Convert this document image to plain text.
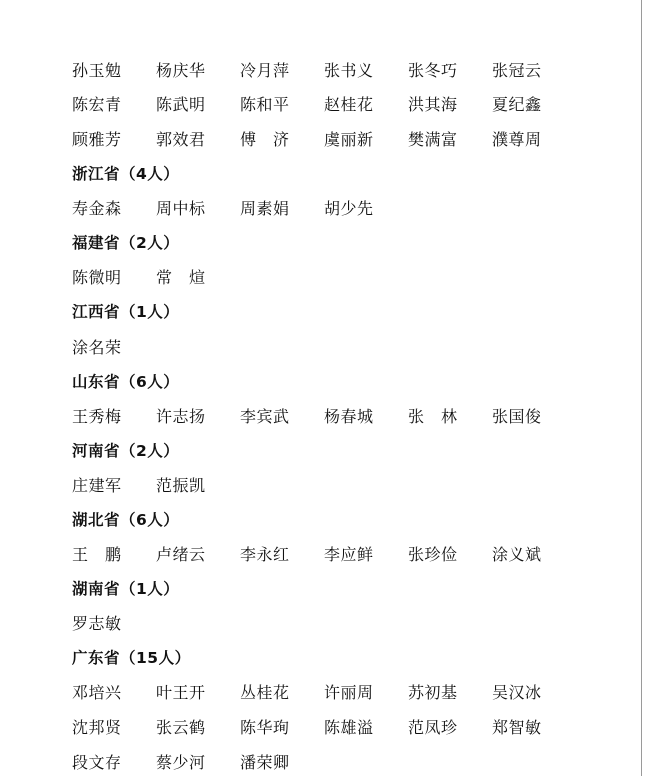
孙玉勉	杨庆华	冷月萍	张书义	张冬巧	张冠云
陈宏青	陈武明	陈和平	赵桂花	洪其海	夏纪鑫
顾雅芳	郭效君	傅　济	虞丽新	樊满富	濮尊周
浙江省（4人）
寿金森	周中标	周素娟	胡少先
福建省（2人）
陈微明	常　煊
江西省（1人）
涂名荣
山东省（6人）
王秀梅	许志扬	李宾武	杨春城	张　林	张国俊
河南省（2人）
庄建军	范振凯
湖北省（6人）
王　鹏	卢绪云	李永红	李应鲜	张珍俭	涂义斌
湖南省（1人）
罗志敏
广东省（15人）
邓培兴	叶王开	丛桂花	许丽周	苏初基	吴汉冰
沈邦贤	张云鹤	陈华珣	陈雄溢	范凤珍	郑智敏
段文存	蔡少河	潘荣卿
